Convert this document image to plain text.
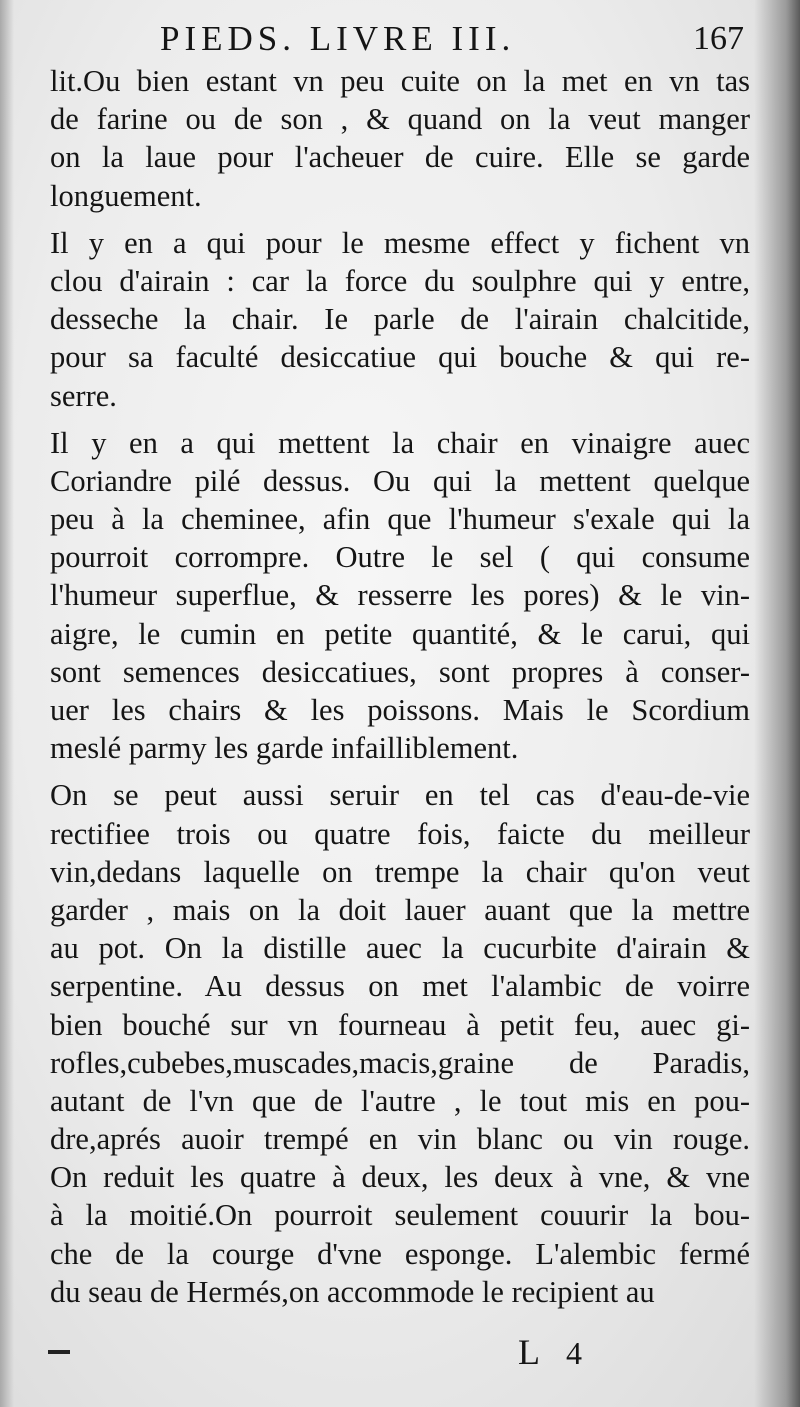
PIEDS. LIVRE III.	167
lit.Ou bien estant vn peu cuite on la met en vn tas
de farine ou de son , & quand on la veut manger
on la laue pour l'acheuer de cuire. Elle se garde
longuement.
Il y en a qui pour le mesme effect y fichent vn
clou d'airain : car la force du soulphre qui y entre,
desseche la chair. Ie parle de l'airain chalcitide,
pour sa faculté desiccatiue qui bouche & qui re-
serre.
Il y en a qui mettent la chair en vinaigre auec
Coriandre pilé dessus. Ou qui la mettent quelque
peu à la cheminee, afin que l'humeur s'exale qui la
pourroit corrompre. Outre le sel ( qui consume
l'humeur superflue, & resserre les pores) & le vin-
aigre, le cumin en petite quantité, & le carui, qui
sont semences desiccatiues, sont propres à conser-
uer les chairs & les poissons. Mais le Scordium
meslé parmy les garde infailliblement.
On se peut aussi seruir en tel cas d'eau-de-vie
rectifiee trois ou quatre fois, faicte du meilleur
vin,dedans laquelle on trempe la chair qu'on veut
garder , mais on la doit lauer auant que la mettre
au pot. On la distille auec la cucurbite d'airain &
serpentine. Au dessus on met l'alambic de voirre
bien bouché sur vn fourneau à petit feu, auec gi-
rofles,cubebes,muscades,macis,graine de Paradis,
autant de l'vn que de l'autre , le tout mis en pou-
dre,aprés auoir trempé en vin blanc ou vin rouge.
On reduit les quatre à deux, les deux à vne, & vne
à la moitié.On pourroit seulement couurir la bou-
che de la courge d'vne esponge. L'alembic fermé
du seau de Hermés,on accommode le recipient au
L 4
